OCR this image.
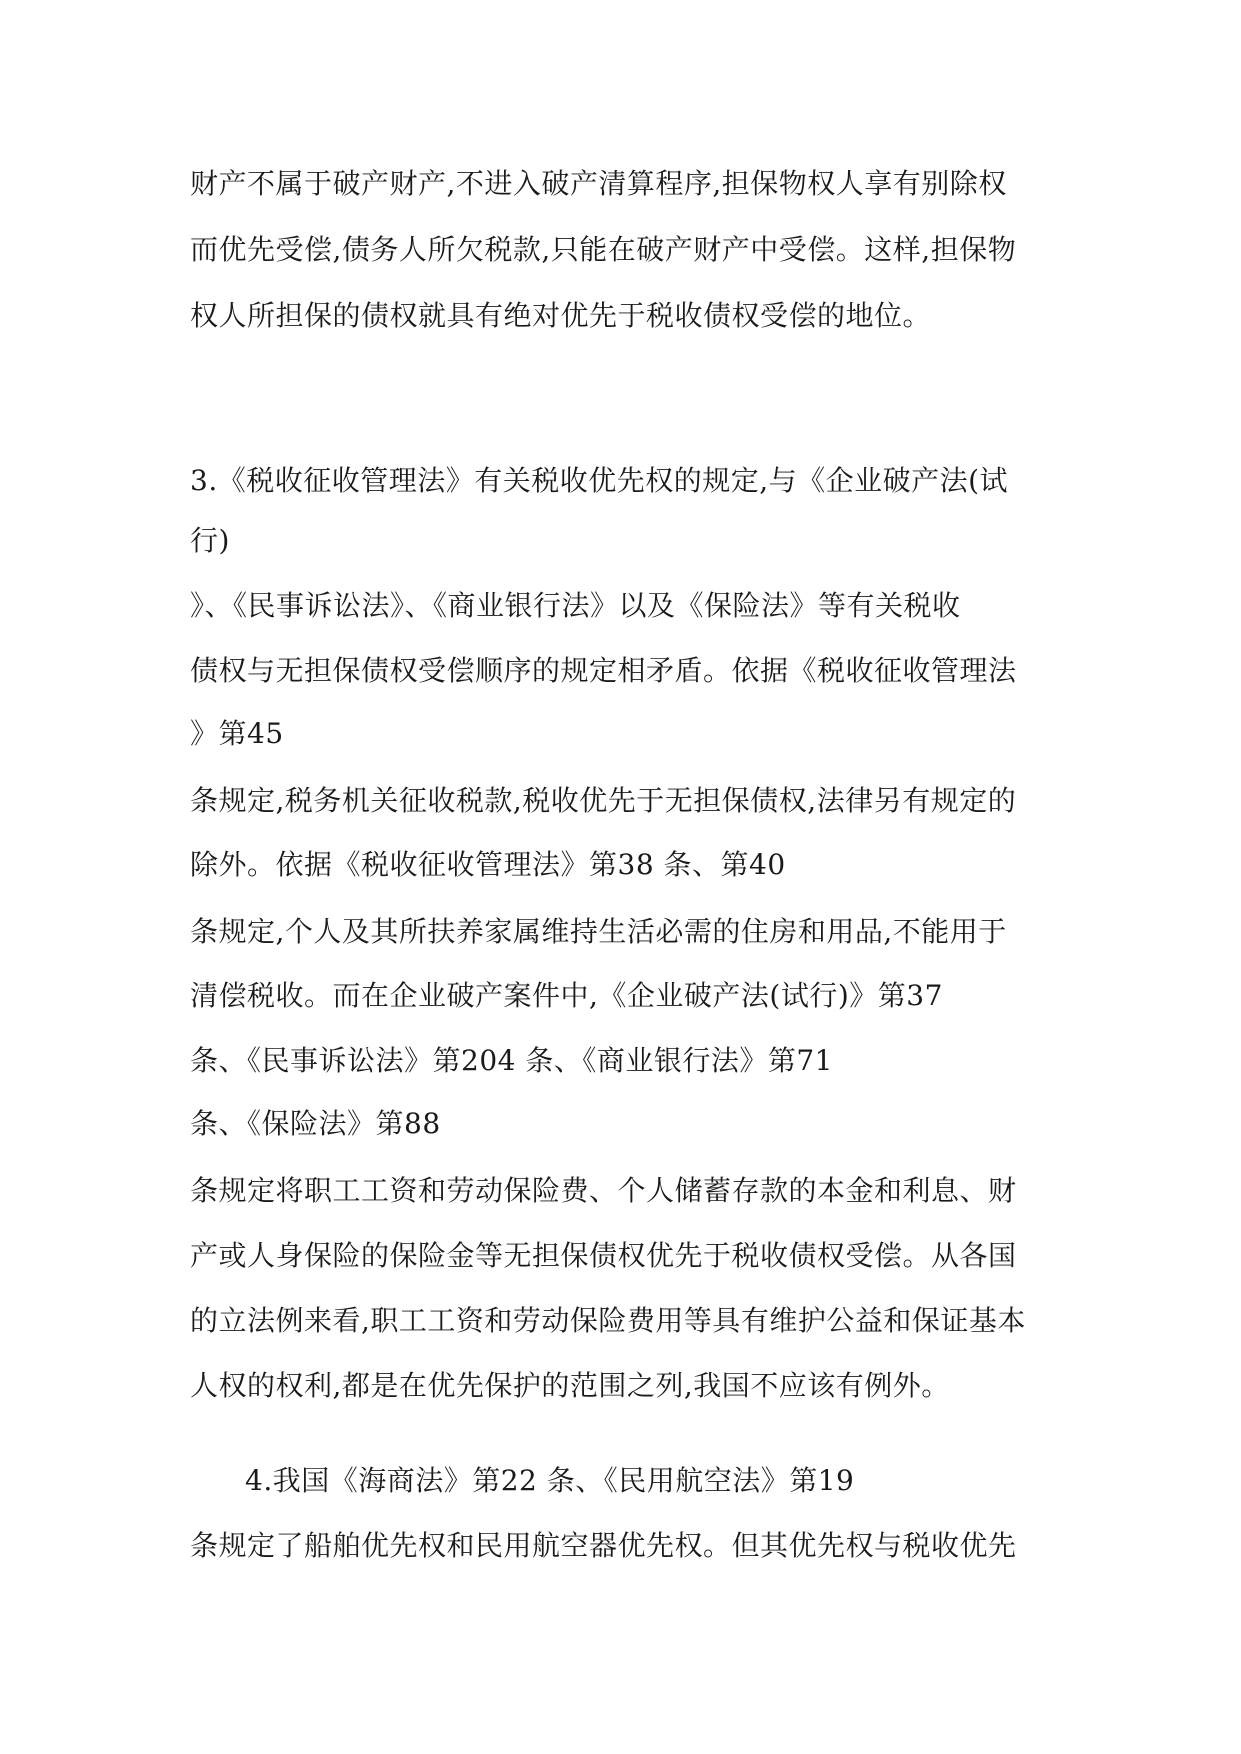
财产不属于破产财产,不进入破产清算程序,担保物权人享有别除权
而优先受偿,债务人所欠税款,只能在破产财产中受偿。这样,担保物
权人所担保的债权就具有绝对优先于税收债权受偿的地位。
3.《税收征收管理法》有关税收优先权的规定,与《企业破产法(试
行)
》、《民事诉讼法》、《商业银行法》以及《保险法》等有关税收
债权与无担保债权受偿顺序的规定相矛盾。依据《税收征收管理法
》第45
条规定,税务机关征收税款,税收优先于无担保债权,法律另有规定的
除外。依据《税收征收管理法》第38 条、第40
条规定,个人及其所扶养家属维持生活必需的住房和用品,不能用于
清偿税收。而在企业破产案件中,《企业破产法(试行)》第37
条、《民事诉讼法》第204 条、《商业银行法》第71
条、《保险法》第88
条规定将职工工资和劳动保险费、个人储蓄存款的本金和利息、财
产或人身保险的保险金等无担保债权优先于税收债权受偿。从各国
的立法例来看,职工工资和劳动保险费用等具有维护公益和保证基本
人权的权利,都是在优先保护的范围之列,我国不应该有例外。
4.我国《海商法》第22 条、《民用航空法》第19
条规定了船舶优先权和民用航空器优先权。但其优先权与税收优先
